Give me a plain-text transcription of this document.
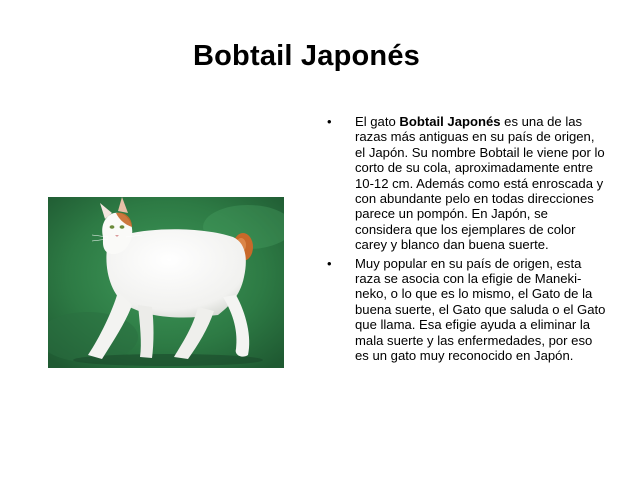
Bobtail Japonés
• El gato Bobtail Japonés es una de las razas más antiguas en su país de origen, el Japón. Su nombre Bobtail le viene por lo corto de su cola, aproximadamente entre 10-12 cm. Además como está enroscada y con abundante pelo en todas direcciones parece un pompón. En Japón, se considera que los ejemplares de color carey y blanco dan buena suerte.
• Muy popular en su país de origen, esta raza se asocia con la efigie de Maneki-neko, o lo que es lo mismo, el Gato de la buena suerte, el Gato que saluda o el Gato que llama. Esa efigie ayuda a eliminar la mala suerte y las enfermedades, por eso es un gato muy reconocido en Japón.
